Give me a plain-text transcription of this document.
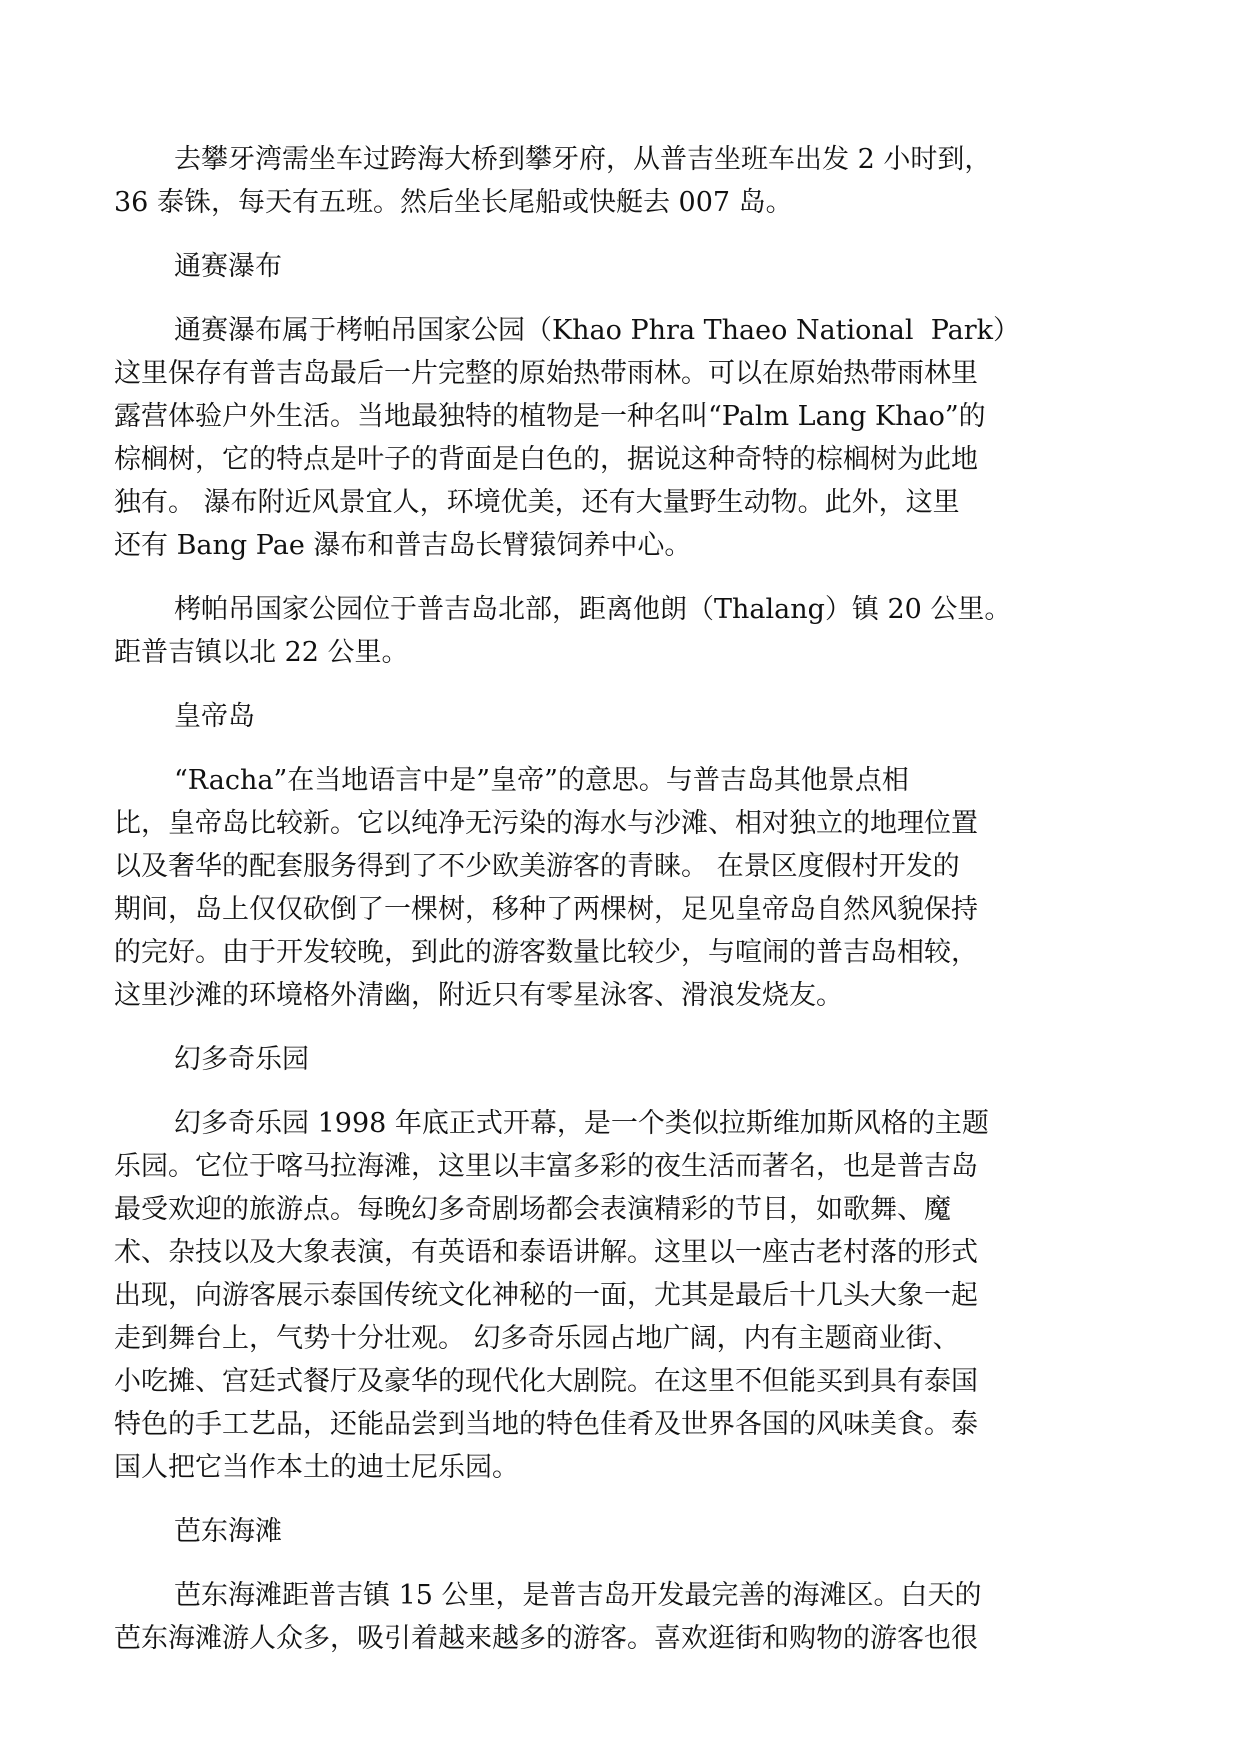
去攀牙湾需坐车过跨海大桥到攀牙府，从普吉坐班车出发 2 小时到，
36 泰铢，每天有五班。然后坐长尾船或快艇去 007 岛。
通赛瀑布
通赛瀑布属于栲帕吊国家公园（Khao Phra Thaeo National  Park）
这里保存有普吉岛最后一片完整的原始热带雨林。可以在原始热带雨林里
露营体验户外生活。当地最独特的植物是一种名叫“Palm Lang Khao”的
棕榈树，它的特点是叶子的背面是白色的，据说这种奇特的棕榈树为此地
独有。 瀑布附近风景宜人，环境优美，还有大量野生动物。此外，这里
还有 Bang Pae 瀑布和普吉岛长臂猿饲养中心。
栲帕吊国家公园位于普吉岛北部，距离他朗（Thalang）镇 20 公里。
距普吉镇以北 22 公里。
皇帝岛
“Racha”在当地语言中是”皇帝”的意思。与普吉岛其他景点相
比，皇帝岛比较新。它以纯净无污染的海水与沙滩、相对独立的地理位置
以及奢华的配套服务得到了不少欧美游客的青睐。 在景区度假村开发的
期间，岛上仅仅砍倒了一棵树，移种了两棵树，足见皇帝岛自然风貌保持
的完好。由于开发较晚，到此的游客数量比较少，与喧闹的普吉岛相较，
这里沙滩的环境格外清幽，附近只有零星泳客、滑浪发烧友。
幻多奇乐园
幻多奇乐园 1998 年底正式开幕，是一个类似拉斯维加斯风格的主题
乐园。它位于喀马拉海滩，这里以丰富多彩的夜生活而著名，也是普吉岛
最受欢迎的旅游点。每晚幻多奇剧场都会表演精彩的节目，如歌舞、魔
术、杂技以及大象表演，有英语和泰语讲解。这里以一座古老村落的形式
出现，向游客展示泰国传统文化神秘的一面，尤其是最后十几头大象一起
走到舞台上，气势十分壮观。 幻多奇乐园占地广阔，内有主题商业街、
小吃摊、宫廷式餐厅及豪华的现代化大剧院。在这里不但能买到具有泰国
特色的手工艺品，还能品尝到当地的特色佳肴及世界各国的风味美食。泰
国人把它当作本土的迪士尼乐园。
芭东海滩
芭东海滩距普吉镇 15 公里，是普吉岛开发最完善的海滩区。白天的
芭东海滩游人众多，吸引着越来越多的游客。喜欢逛街和购物的游客也很
